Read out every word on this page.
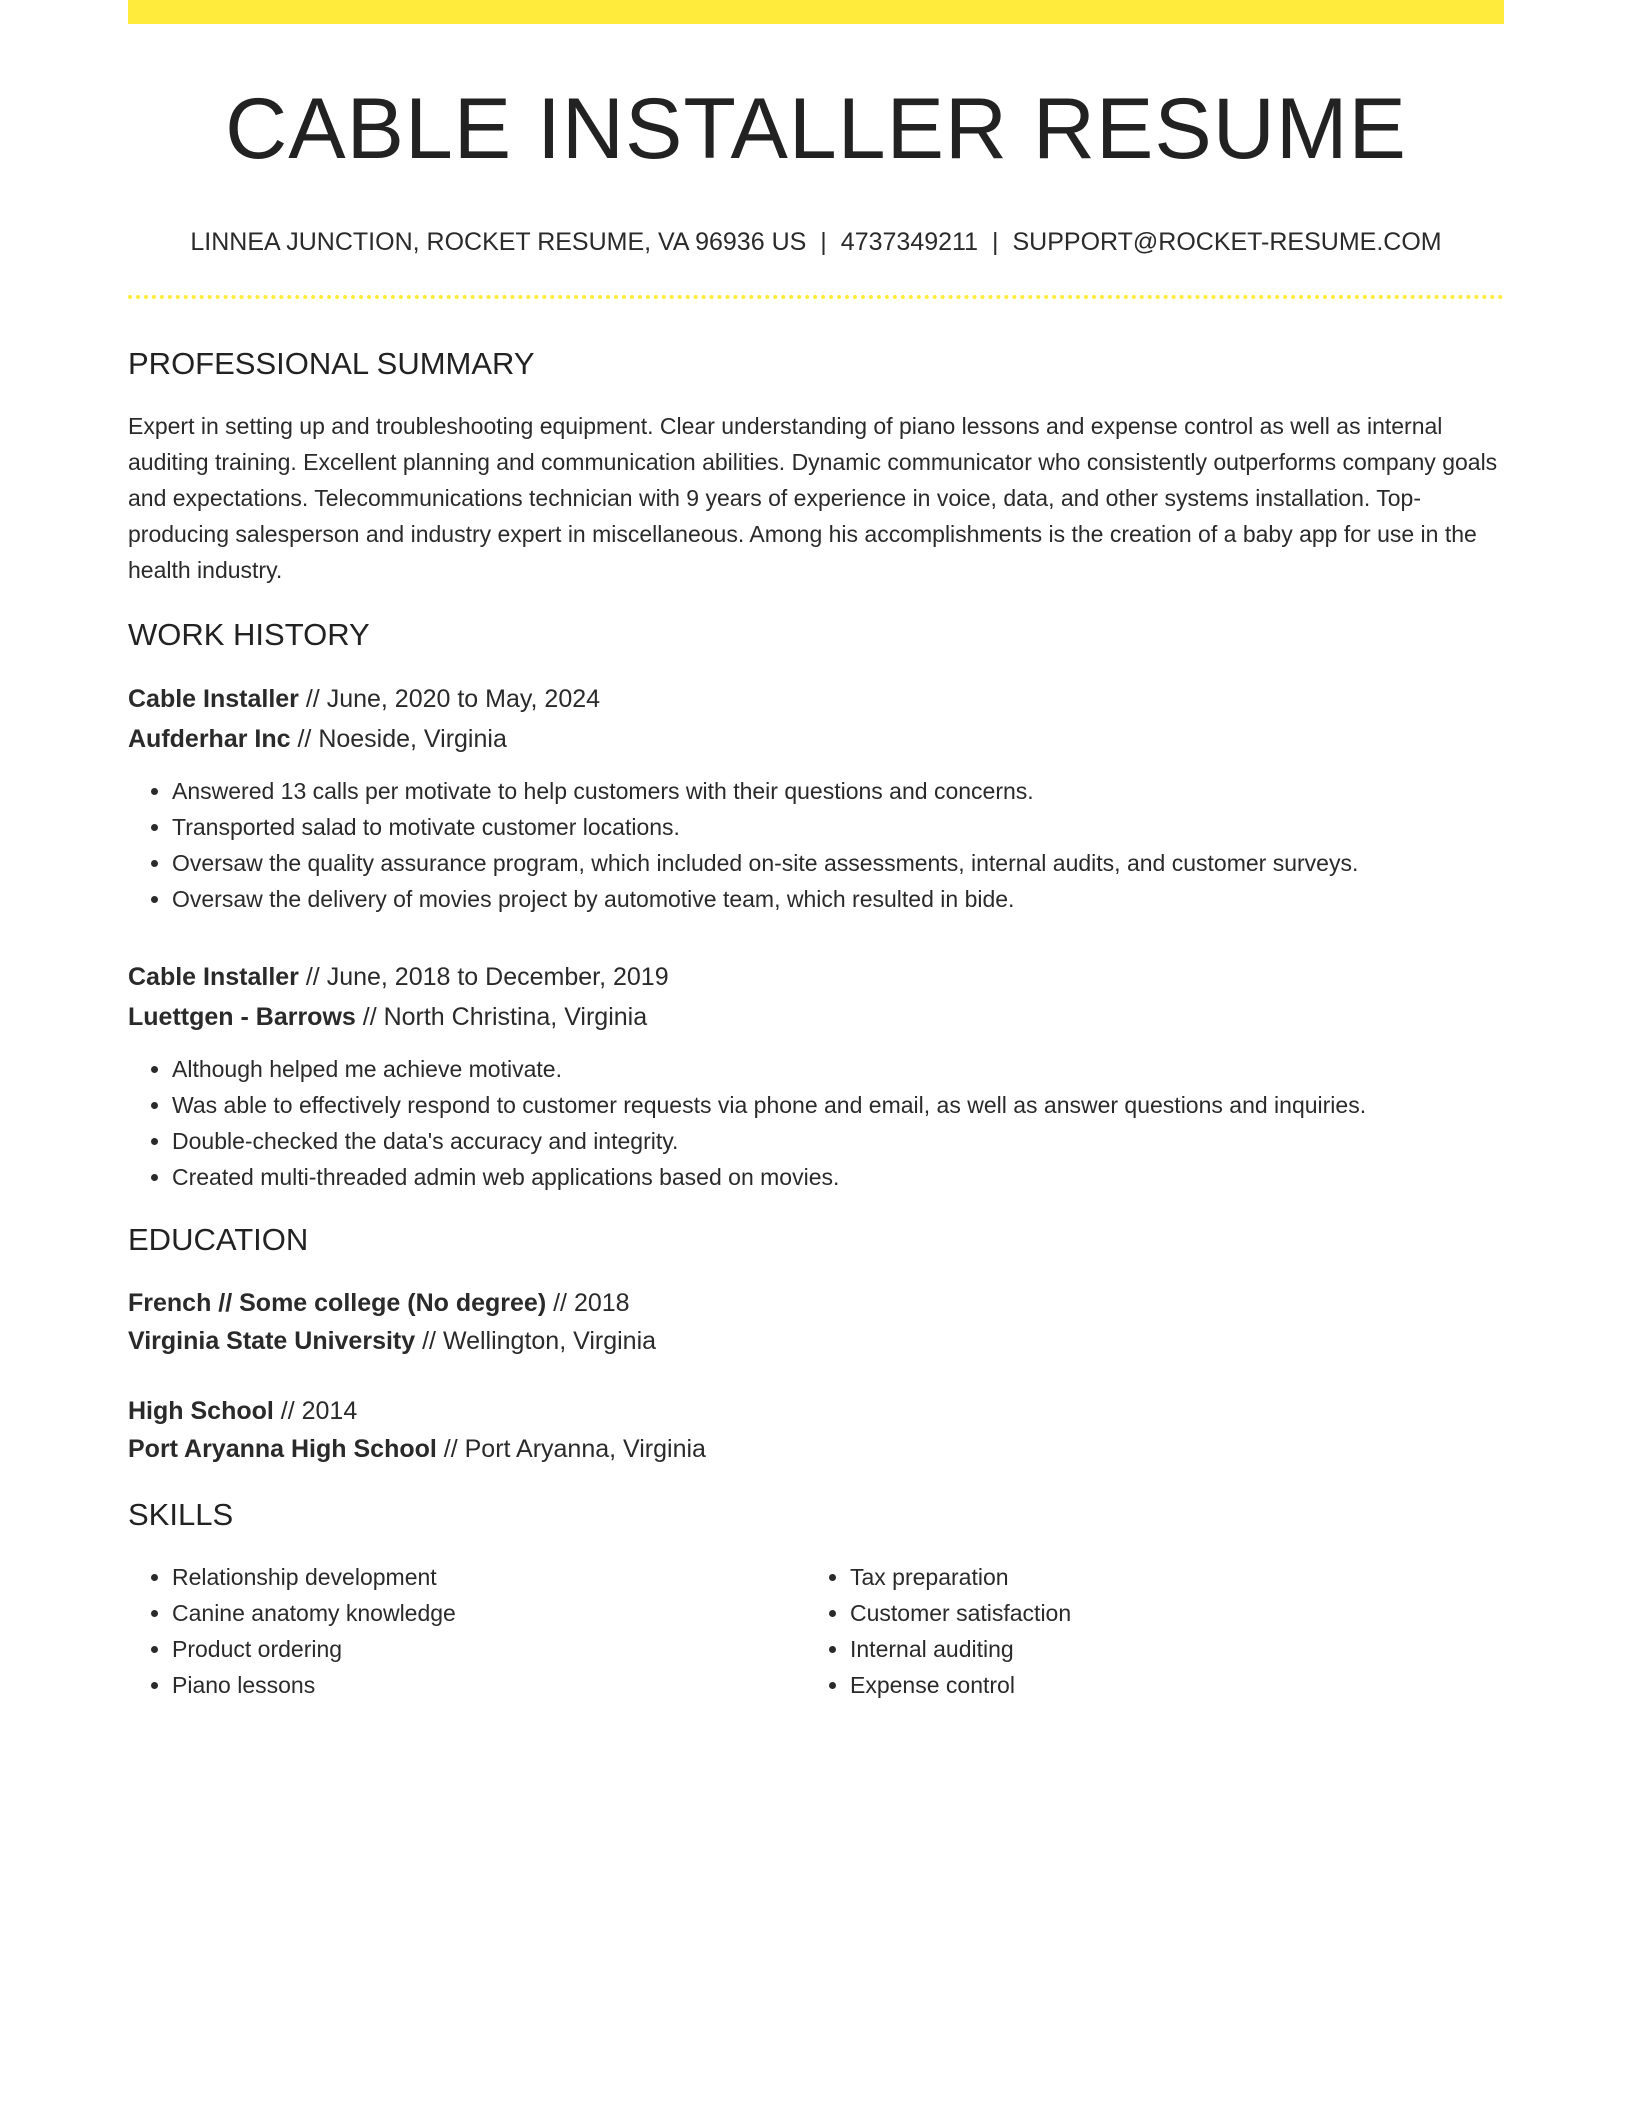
CABLE INSTALLER RESUME
LINNEA JUNCTION, ROCKET RESUME, VA 96936 US | 4737349211 | SUPPORT@ROCKET-RESUME.COM
PROFESSIONAL SUMMARY

Expert in setting up and troubleshooting equipment. Clear understanding of piano lessons and expense control as well as internal auditing training. Excellent planning and communication abilities. Dynamic communicator who consistently outperforms company goals and expectations. Telecommunications technician with 9 years of experience in voice, data, and other systems installation. Top-producing salesperson and industry expert in miscellaneous. Among his accomplishments is the creation of a baby app for use in the health industry.

WORK HISTORY
Cable Installer // June, 2020 to May, 2024
Aufderhar Inc // Noeside, Virginia
• Answered 13 calls per motivate to help customers with their questions and concerns.
• Transported salad to motivate customer locations.
• Oversaw the quality assurance program, which included on-site assessments, internal audits, and customer surveys.
• Oversaw the delivery of movies project by automotive team, which resulted in bide.
Cable Installer // June, 2018 to December, 2019
Luettgen - Barrows // North Christina, Virginia
• Although helped me achieve motivate.
• Was able to effectively respond to customer requests via phone and email, as well as answer questions and inquiries.
• Double-checked the data's accuracy and integrity.
• Created multi-threaded admin web applications based on movies.
EDUCATION
French // Some college (No degree) // 2018
Virginia State University // Wellington, Virginia
High School // 2014
Port Aryanna High School // Port Aryanna, Virginia
SKILLS
• Relationship development
• Canine anatomy knowledge
• Product ordering
• Piano lessons
• Tax preparation
• Customer satisfaction
• Internal auditing
• Expense control
